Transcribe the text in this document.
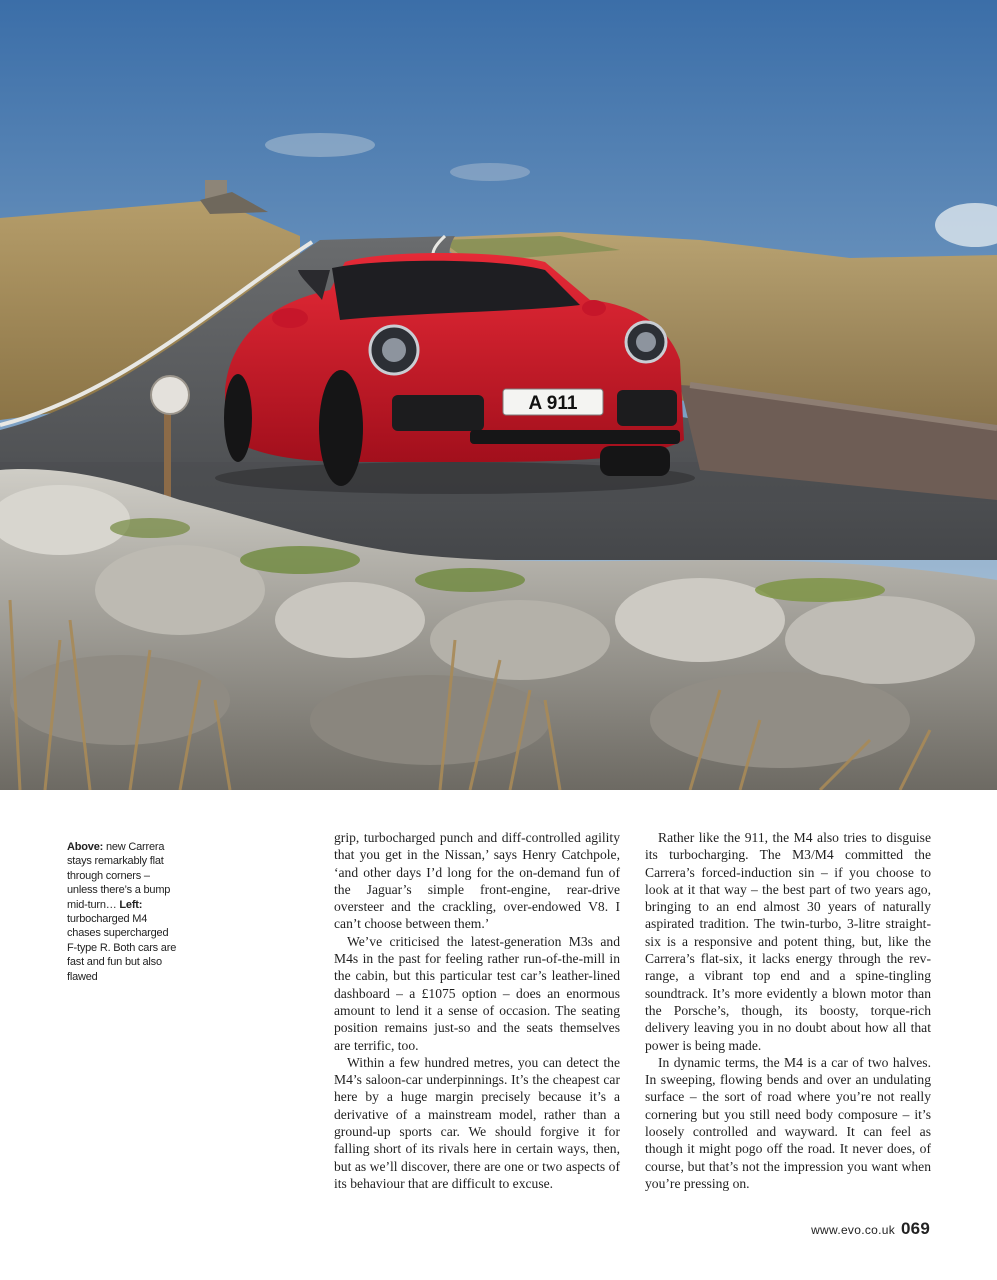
A 911
Above: new Carrera stays remarkably flat through corners – unless there’s a bump mid-turn… Left: turbocharged M4 chases supercharged F-type R. Both cars are fast and fun but also flawed

grip, turbocharged punch and diff-controlled agility that you get in the Nissan,’ says Henry Catchpole, ‘and other days I’d long for the on-demand fun of the Jaguar’s simple front-engine, rear-drive oversteer and the crackling, over-endowed V8. I can’t choose between them.’

We’ve criticised the latest-generation M3s and M4s in the past for feeling rather run-of-the-mill in the cabin, but this particular test car’s leather-lined dashboard – a £1075 option – does an enormous amount to lend it a sense of occasion. The seating position remains just-so and the seats themselves are terrific, too.

Within a few hundred metres, you can detect the M4’s saloon-car underpinnings. It’s the cheapest car here by a huge margin precisely because it’s a derivative of a mainstream model, rather than a ground-up sports car. We should forgive it for falling short of its rivals here in certain ways, then, but as we’ll discover, there are one or two aspects of its behaviour that are difficult to excuse.

Rather like the 911, the M4 also tries to disguise its turbocharging. The M3/M4 committed the Carrera’s forced-induction sin – if you choose to look at it that way – the best part of two years ago, bringing to an end almost 30 years of naturally aspirated tradition. The twin-turbo, 3-litre straight-six is a responsive and potent thing, but, like the Carrera’s flat-six, it lacks energy through the rev-range, a vibrant top end and a spine-tingling soundtrack. It’s more evidently a blown motor than the Porsche’s, though, its boosty, torque-rich delivery leaving you in no doubt about how all that power is being made.

In dynamic terms, the M4 is a car of two halves. In sweeping, flowing bends and over an undulating surface – the sort of road where you’re not really cornering but you still need body composure – it’s loosely controlled and wayward. It can feel as though it might pogo off the road. It never does, of course, but that’s not the impression you want when you’re pressing on.

www.evo.co.uk 069
